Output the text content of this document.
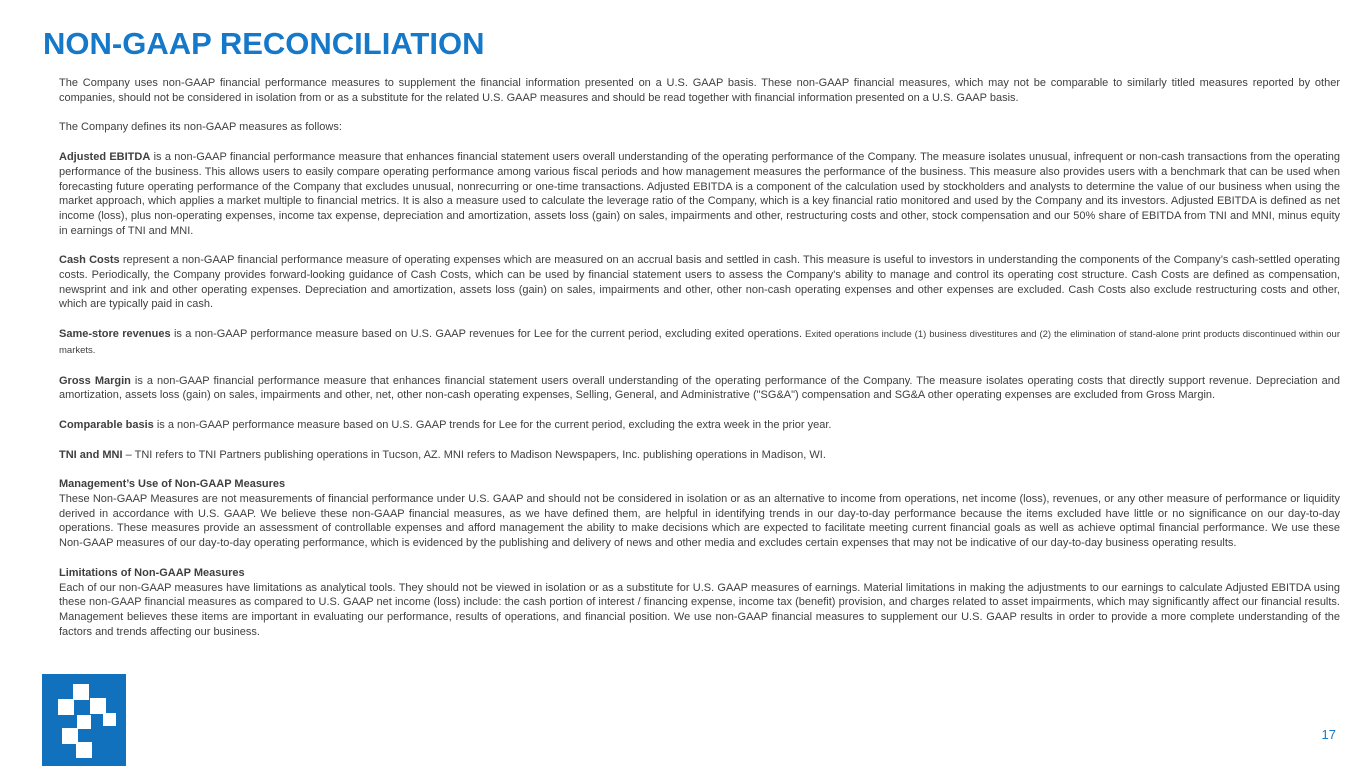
NON-GAAP RECONCILIATION

The Company uses non-GAAP financial performance measures to supplement the financial information presented on a U.S. GAAP basis. These non-GAAP financial measures, which may not be comparable to similarly titled measures reported by other companies, should not be considered in isolation from or as a substitute for the related U.S. GAAP measures and should be read together with financial information presented on a U.S. GAAP basis.

The Company defines its non-GAAP measures as follows:

Adjusted EBITDA is a non-GAAP financial performance measure that enhances financial statement users overall understanding of the operating performance of the Company. The measure isolates unusual, infrequent or non-cash transactions from the operating performance of the business. This allows users to easily compare operating performance among various fiscal periods and how management measures the performance of the business. This measure also provides users with a benchmark that can be used when forecasting future operating performance of the Company that excludes unusual, nonrecurring or one-time transactions. Adjusted EBITDA is a component of the calculation used by stockholders and analysts to determine the value of our business when using the market approach, which applies a market multiple to financial metrics. It is also a measure used to calculate the leverage ratio of the Company, which is a key financial ratio monitored and used by the Company and its investors. Adjusted EBITDA is defined as net income (loss), plus non-operating expenses, income tax expense, depreciation and amortization, assets loss (gain) on sales, impairments and other, restructuring costs and other, stock compensation and our 50% share of EBITDA from TNI and MNI, minus equity in earnings of TNI and MNI.

Cash Costs represent a non-GAAP financial performance measure of operating expenses which are measured on an accrual basis and settled in cash. This measure is useful to investors in understanding the components of the Company’s cash-settled operating costs. Periodically, the Company provides forward-looking guidance of Cash Costs, which can be used by financial statement users to assess the Company's ability to manage and control its operating cost structure. Cash Costs are defined as compensation, newsprint and ink and other operating expenses. Depreciation and amortization, assets loss (gain) on sales, impairments and other, other non-cash operating expenses and other expenses are excluded. Cash Costs also exclude restructuring costs and other, which are typically paid in cash.

Same-store revenues is a non-GAAP performance measure based on U.S. GAAP revenues for Lee for the current period, excluding exited operations. Exited operations include (1) business divestitures and (2) the elimination of stand-alone print products discontinued within our markets.

Gross Margin is a non-GAAP financial performance measure that enhances financial statement users overall understanding of the operating performance of the Company. The measure isolates operating costs that directly support revenue. Depreciation and amortization, assets loss (gain) on sales, impairments and other, net, other non-cash operating expenses, Selling, General, and Administrative ("SG&A") compensation and SG&A other operating expenses are excluded from Gross Margin.

Comparable basis is a non-GAAP performance measure based on U.S. GAAP trends for Lee for the current period, excluding the extra week in the prior year.

TNI and MNI – TNI refers to TNI Partners publishing operations in Tucson, AZ. MNI refers to Madison Newspapers, Inc. publishing operations in Madison, WI.

Management’s Use of Non-GAAP Measures

These Non-GAAP Measures are not measurements of financial performance under U.S. GAAP and should not be considered in isolation or as an alternative to income from operations, net income (loss), revenues, or any other measure of performance or liquidity derived in accordance with U.S. GAAP. We believe these non-GAAP financial measures, as we have defined them, are helpful in identifying trends in our day-to-day performance because the items excluded have little or no significance on our day-to-day operations. These measures provide an assessment of controllable expenses and afford management the ability to make decisions which are expected to facilitate meeting current financial goals as well as achieve optimal financial performance. We use these Non-GAAP measures of our day-to-day operating performance, which is evidenced by the publishing and delivery of news and other media and excludes certain expenses that may not be indicative of our day-to-day business operating results.

Limitations of Non-GAAP Measures

Each of our non-GAAP measures have limitations as analytical tools. They should not be viewed in isolation or as a substitute for U.S. GAAP measures of earnings. Material limitations in making the adjustments to our earnings to calculate Adjusted EBITDA using these non-GAAP financial measures as compared to U.S. GAAP net income (loss) include: the cash portion of interest / financing expense, income tax (benefit) provision, and charges related to asset impairments, which may significantly affect our financial results. Management believes these items are important in evaluating our performance, results of operations, and financial position. We use non-GAAP financial measures to supplement our U.S. GAAP results in order to provide a more complete understanding of the factors and trends affecting our business.

17
